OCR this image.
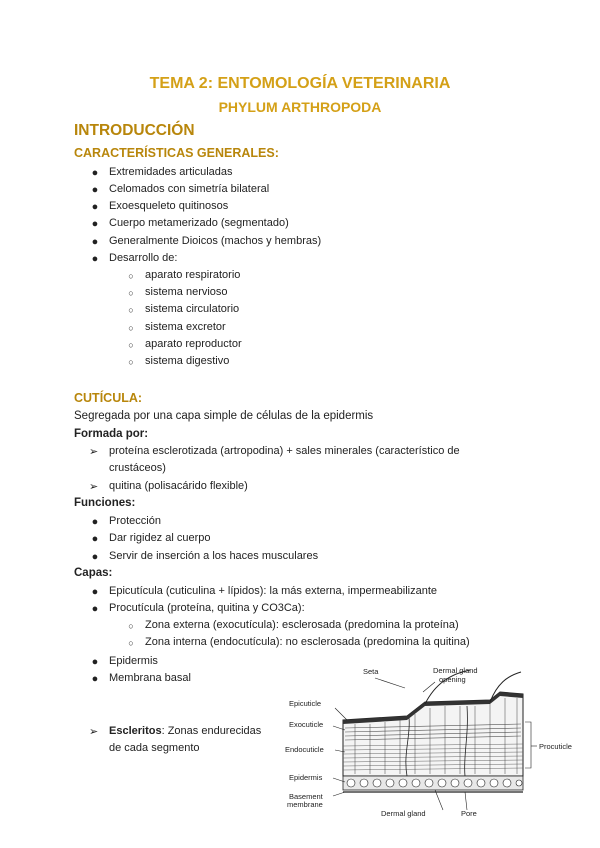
TEMA 2: ENTOMOLOGÍA VETERINARIA
PHYLUM ARTHROPODA
INTRODUCCIÓN
CARACTERÍSTICAS GENERALES:
● Extremidades articuladas
● Celomados con simetría bilateral
● Exoesqueleto quitinosos
● Cuerpo metamerizado (segmentado)
● Generalmente Dioicos (machos y hembras)
● Desarrollo de:
○ aparato respiratorio
○ sistema nervioso
○ sistema circulatorio
○ sistema excretor
○ aparato reproductor
○ sistema digestivo
CUTÍCULA:
Segregada por una capa simple de células de la epidermis
Formada por:
➢ proteína esclerotizada (artropodina) + sales minerales (característico de
crustáceos)
➢ quitina (polisacárido flexible)
Funciones:
● Protección
● Dar rigidez al cuerpo
● Servir de inserción a los haces musculares
Capas:
● Epicutícula (cuticulina + lípidos): la más externa, impermeabilizante
● Procutícula (proteína, quitina y CO3Ca):
○ Zona externa (exocutícula): esclerosada (predomina la proteína)
○ Zona interna (endocutícula): no esclerosada (predomina la quitina)
● Epidermis
● Membrana basal
➢ Escleritos: Zonas endurecidas
de cada segmento
Seta	Dermal gland
opening
Epicuticle
Exocuticle
Endocuticle	Procuticle
Epidermis
Basement
membrane
Dermal gland	Pore
